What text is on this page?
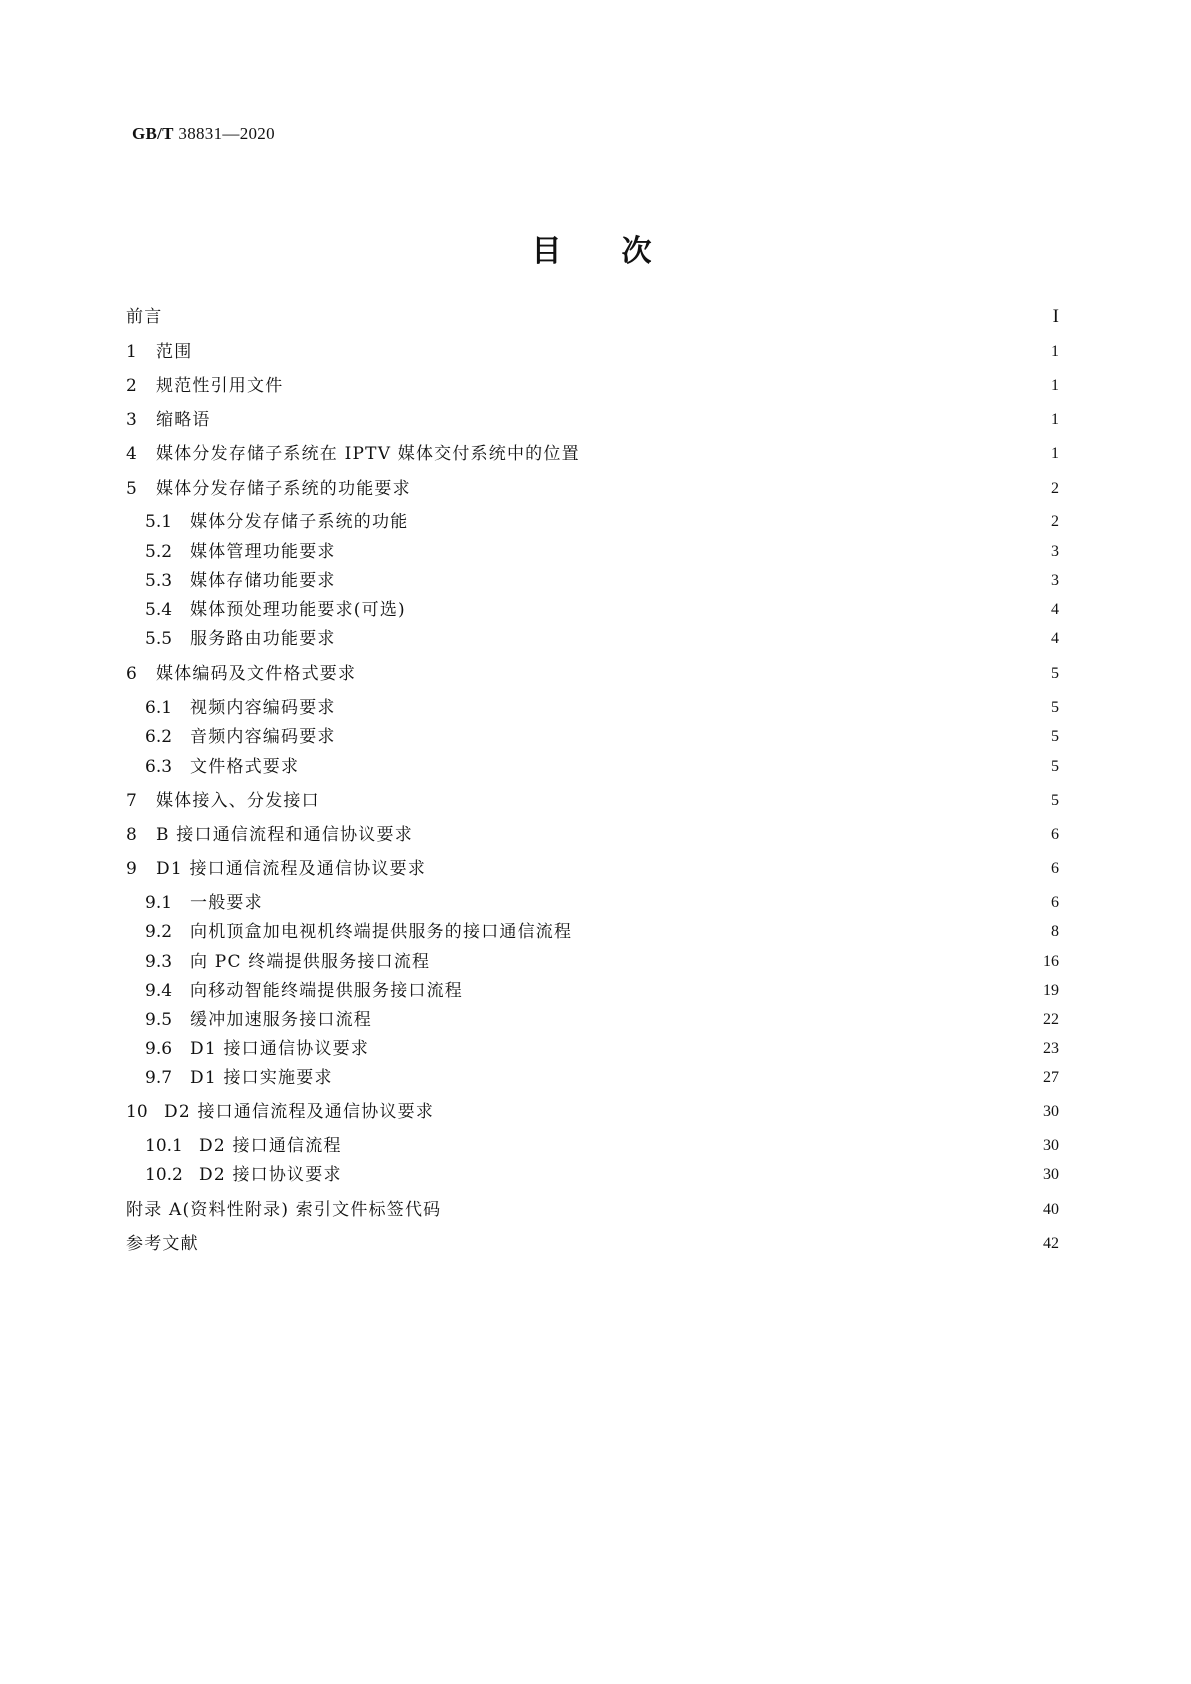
GB/T 38831—2020
目次
前言	I
1	范围	1
2	规范性引用文件	1
3	缩略语	1
4	媒体分发存储子系统在 IPTV 媒体交付系统中的位置	1
5	媒体分发存储子系统的功能要求	2
5.1	媒体分发存储子系统的功能	2
5.2	媒体管理功能要求	3
5.3	媒体存储功能要求	3
5.4	媒体预处理功能要求(可选)	4
5.5	服务路由功能要求	4
6	媒体编码及文件格式要求	5
6.1	视频内容编码要求	5
6.2	音频内容编码要求	5
6.3	文件格式要求	5
7	媒体接入、分发接口	5
8	B 接口通信流程和通信协议要求	6
9	D1 接口通信流程及通信协议要求	6
9.1	一般要求	6
9.2	向机顶盒加电视机终端提供服务的接口通信流程	8
9.3	向 PC 终端提供服务接口流程	16
9.4	向移动智能终端提供服务接口流程	19
9.5	缓冲加速服务接口流程	22
9.6	D1 接口通信协议要求	23
9.7	D1 接口实施要求	27
10 D2 接口通信流程及通信协议要求	30
10.1 D2 接口通信流程	30
10.2 D2 接口协议要求	30
附录 A(资料性附录) 索引文件标签代码	40
参考文献	42
